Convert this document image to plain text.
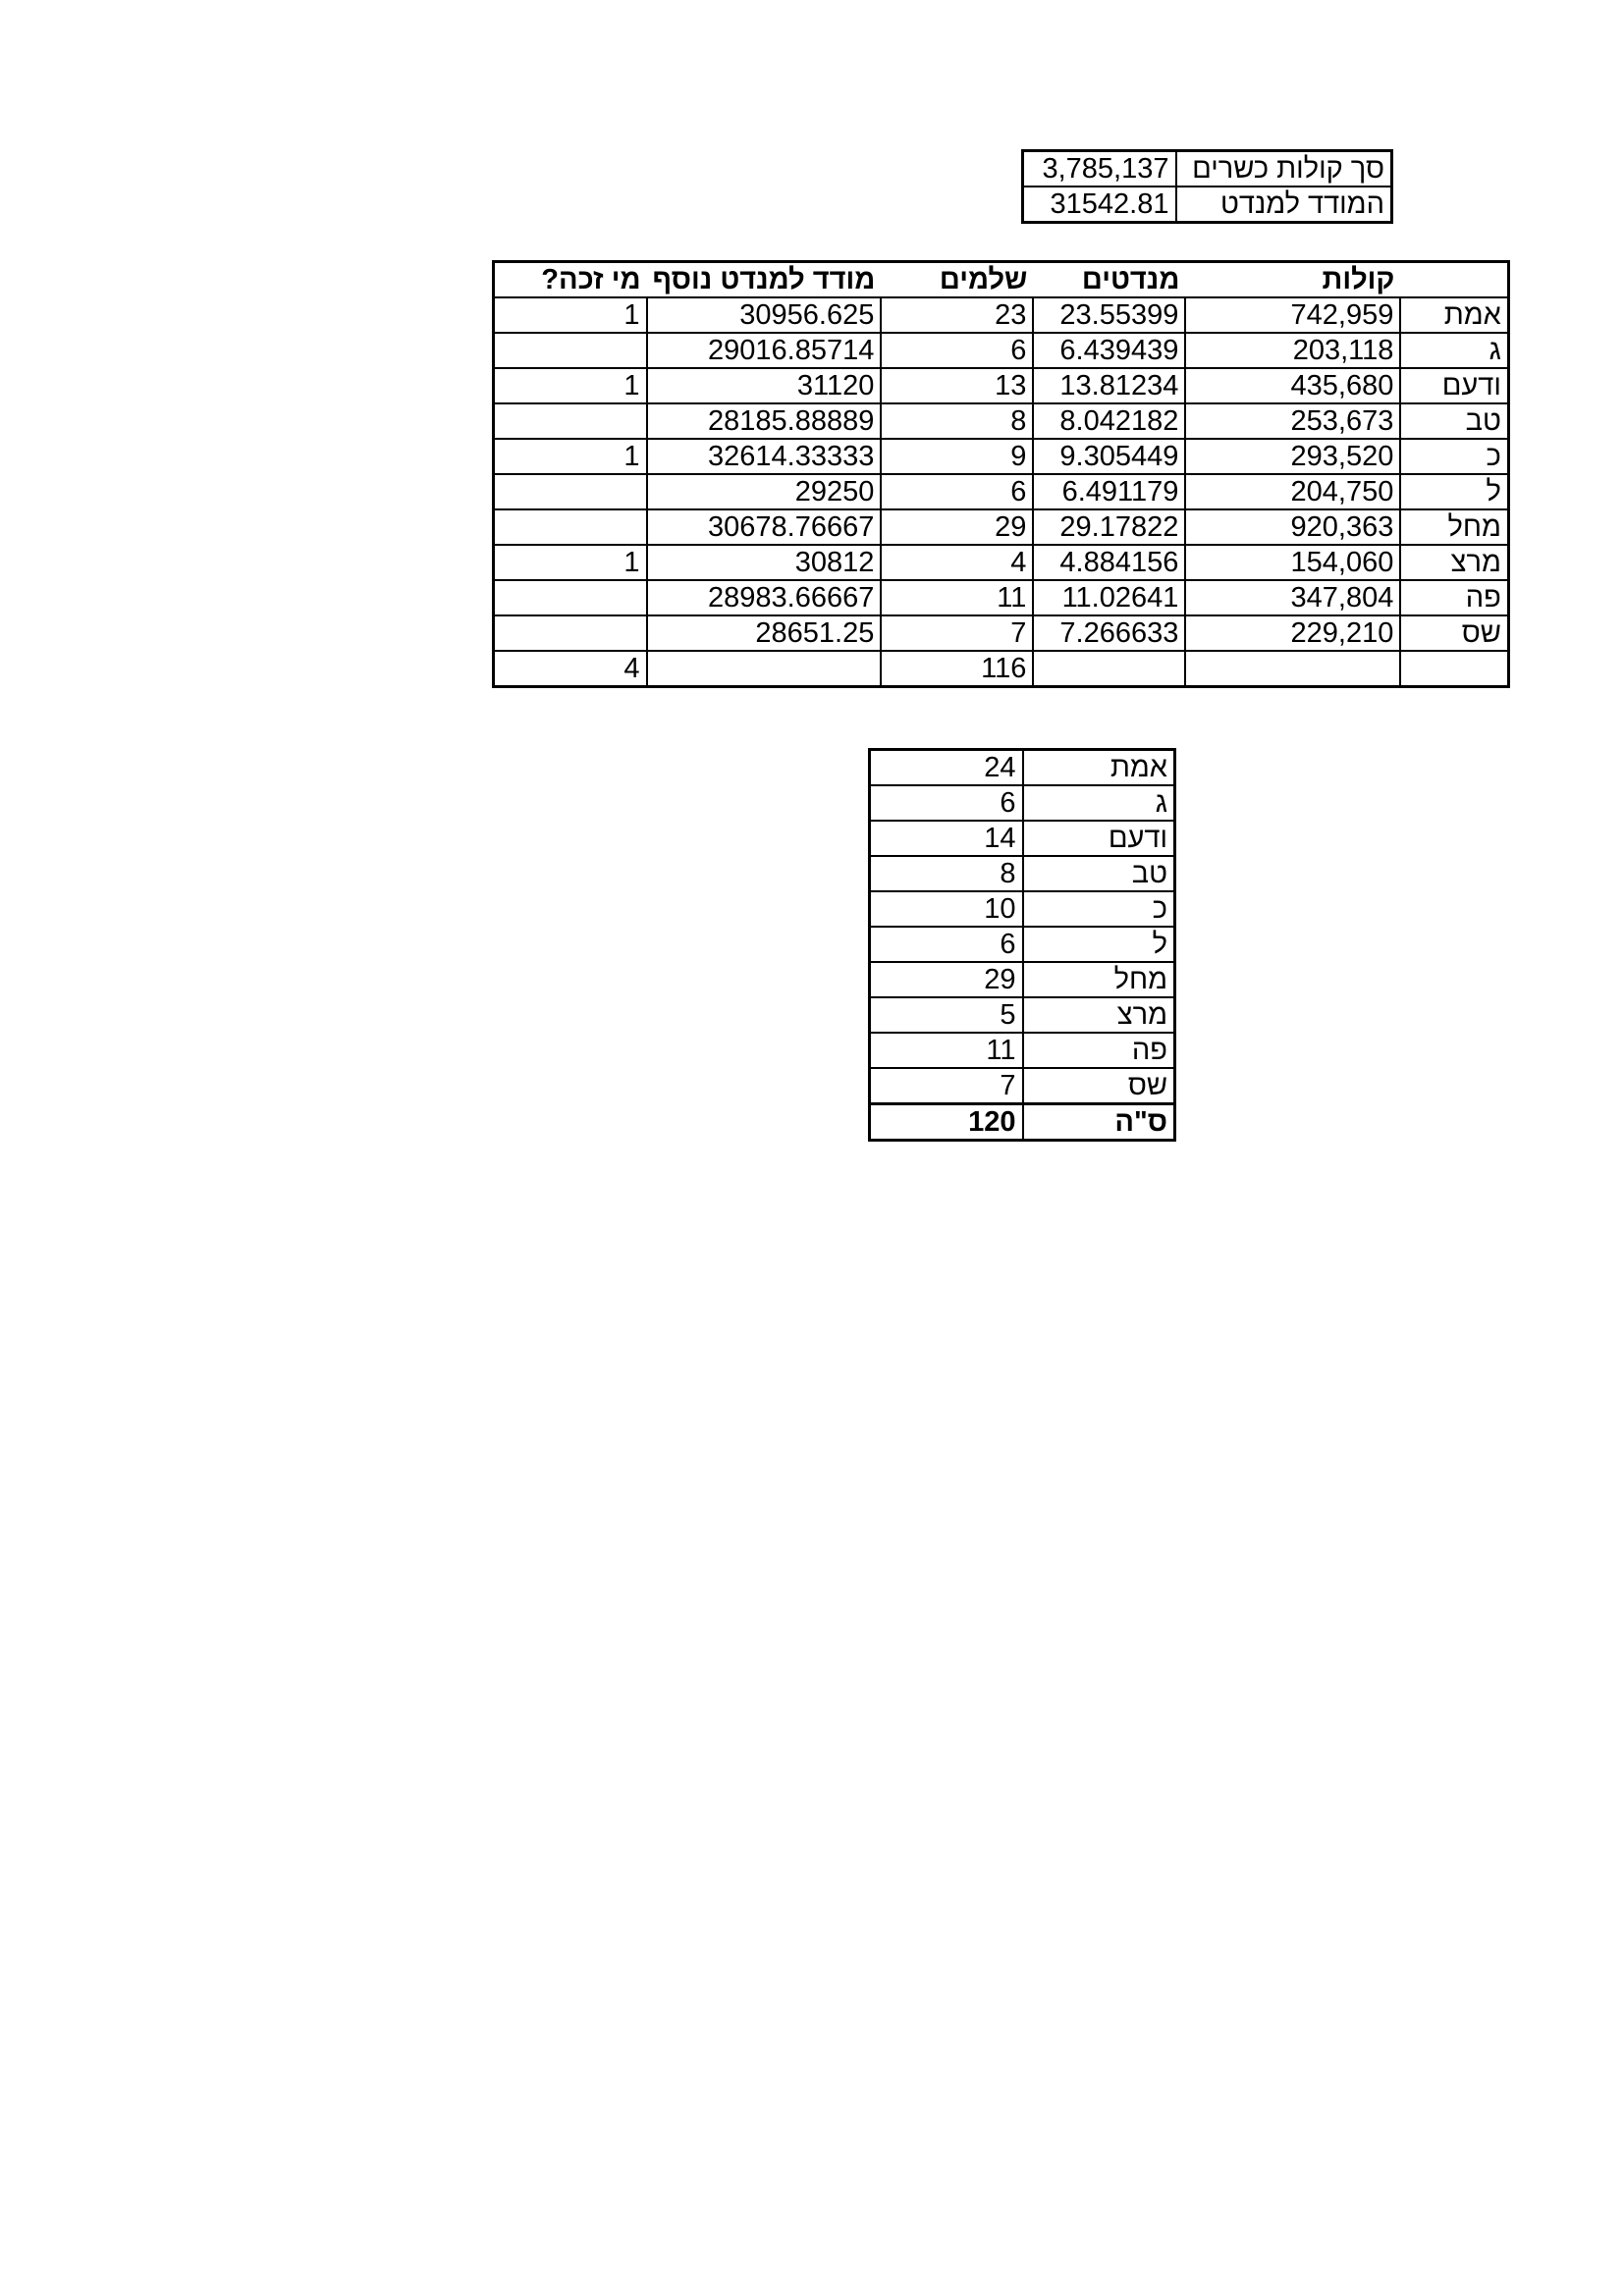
3,785,137	סך קולות כשרים
31542.81	המודד למנדט
מי זכה?	מודד למנדט נוסף	שלמים	מנדטים	קולות	
1	30956.625	23	23.55399	742,959	אמת
	29016.85714	6	6.439439	203,118	ג
1	31120	13	13.81234	435,680	ודעם
	28185.88889	8	8.042182	253,673	טב
1	32614.33333	9	9.305449	293,520	כ
	29250	6	6.491179	204,750	ל
	30678.76667	29	29.17822	920,363	מחל
1	30812	4	4.884156	154,060	מרצ
	28983.66667	11	11.02641	347,804	פה
	28651.25	7	7.266633	229,210	שס
4		116			
24	אמת
6	ג
14	ודעם
8	טב
10	כ
6	ל
29	מחל
5	מרצ
11	פה
7	שס
120	ס"ה
